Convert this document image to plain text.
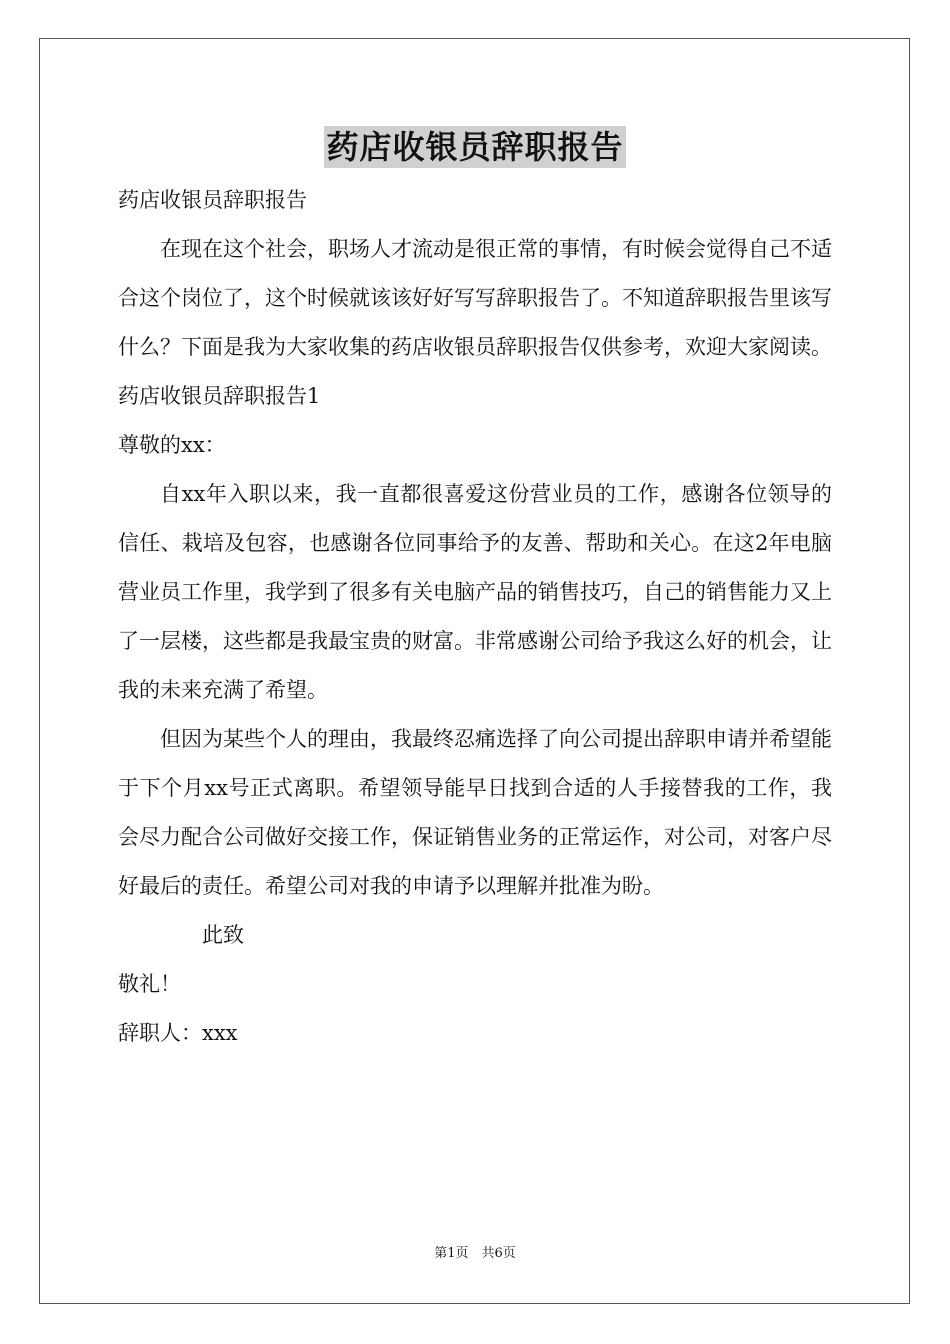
药店收银员辞职报告

药店收银员辞职报告

在现在这个社会，职场人才流动是很正常的事情，有时候会觉得自己不适合这个岗位了，这个时候就该该好好写写辞职报告了。不知道辞职报告里该写什么？下面是我为大家收集的药店收银员辞职报告仅供参考，欢迎大家阅读。

药店收银员辞职报告1

尊敬的xx：

自xx年入职以来，我一直都很喜爱这份营业员的工作，感谢各位领导的信任、栽培及包容，也感谢各位同事给予的友善、帮助和关心。在这2年电脑营业员工作里，我学到了很多有关电脑产品的销售技巧，自己的销售能力又上了一层楼，这些都是我最宝贵的财富。非常感谢公司给予我这么好的机会，让我的未来充满了希望。

但因为某些个人的理由，我最终忍痛选择了向公司提出辞职申请并希望能于下个月xx号正式离职。希望领导能早日找到合适的人手接替我的工作，我会尽力配合公司做好交接工作，保证销售业务的正常运作，对公司，对客户尽好最后的责任。希望公司对我的申请予以理解并批准为盼。

此致

敬礼！

辞职人：xxx

第1页　共6页
